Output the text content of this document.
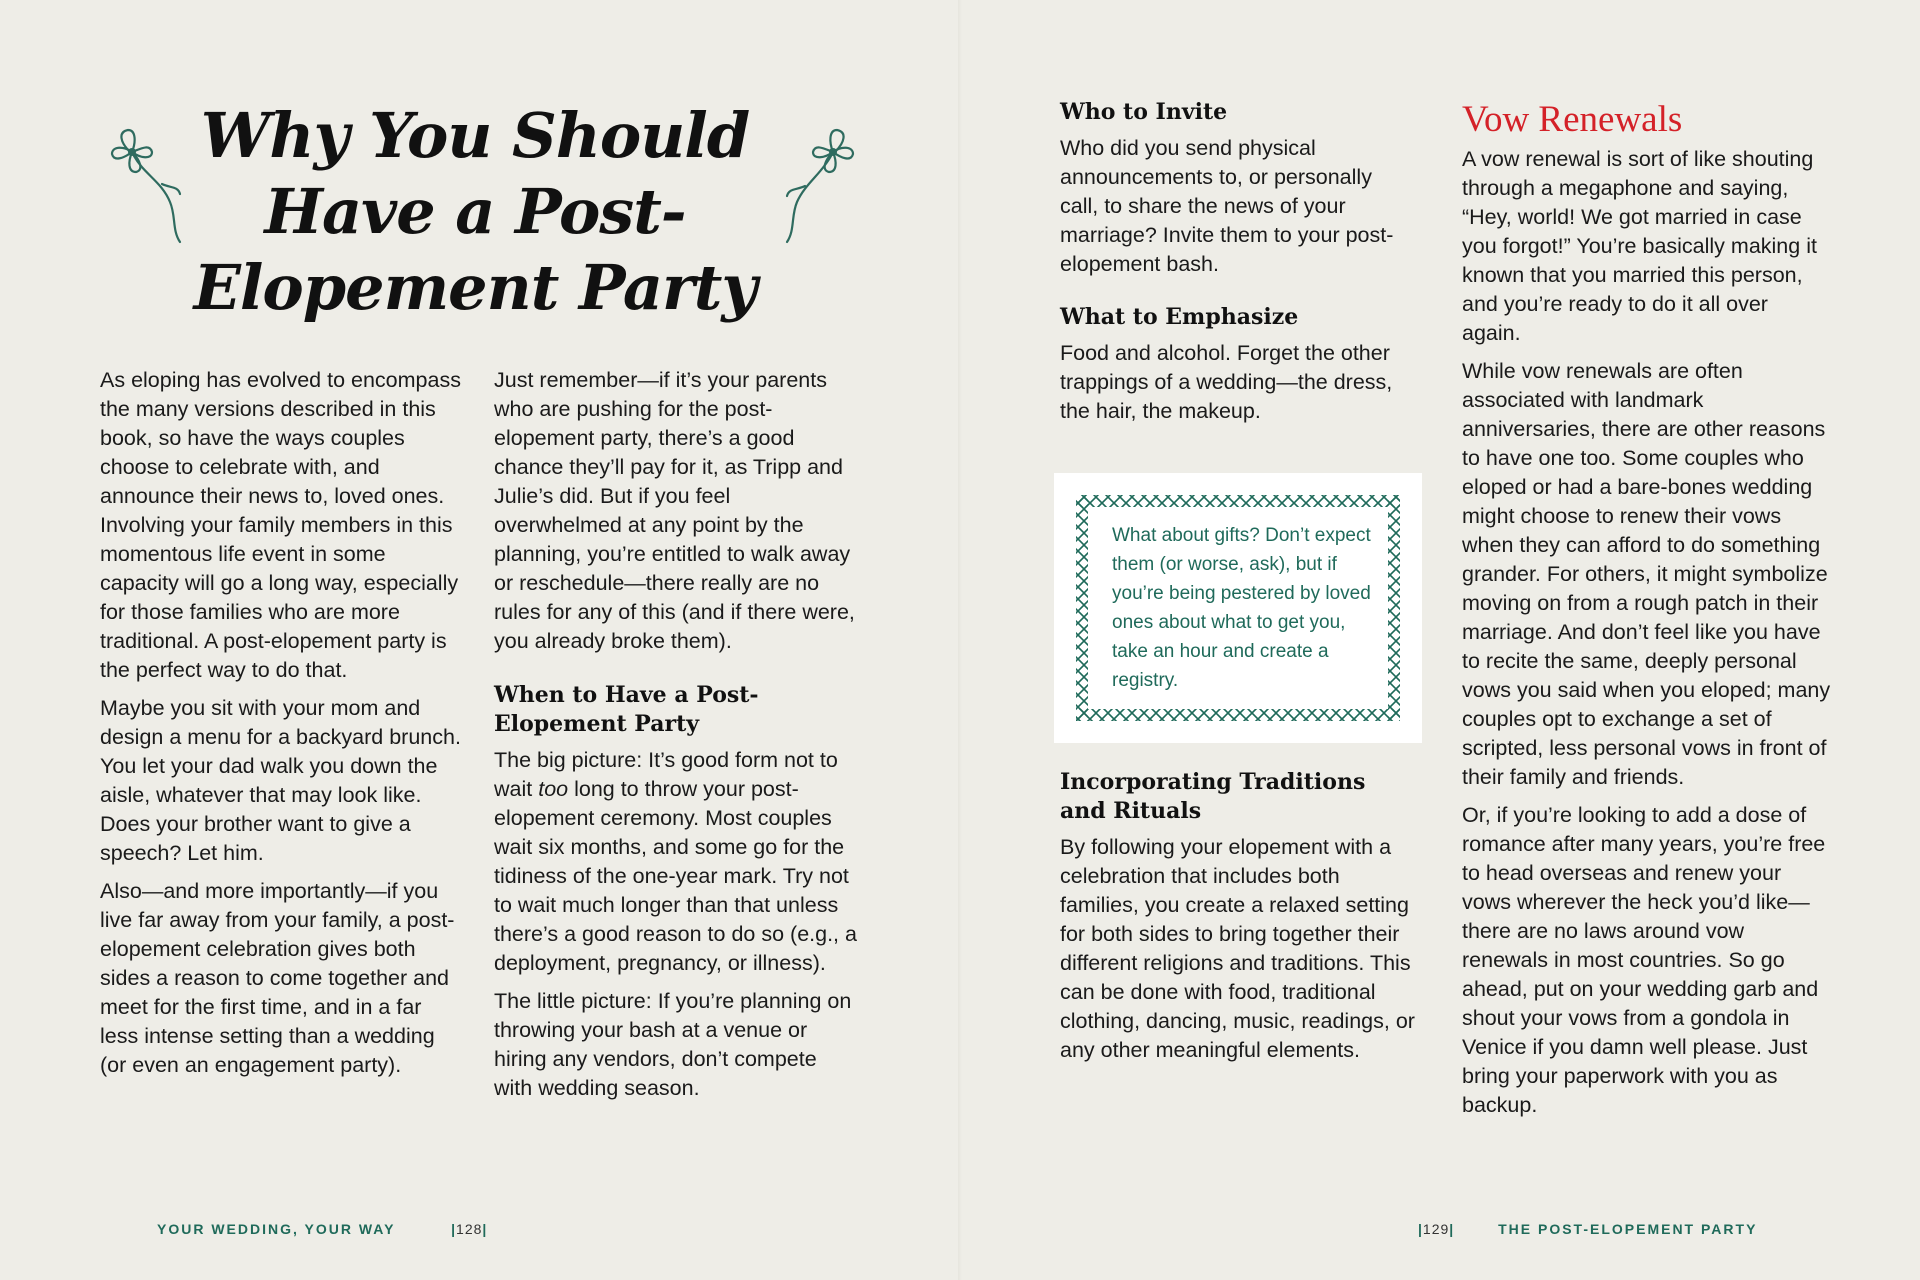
Why You Should
Have a Post-
Elopement Party

As eloping has evolved to encompass the many versions described in this book, so have the ways couples choose to celebrate with, and announce their news to, loved ones. Involving your family members in this momentous life event in some capacity will go a long way, especially for those families who are more traditional. A post-elopement party is the perfect way to do that.

Maybe you sit with your mom and design a menu for a backyard brunch. You let your dad walk you down the aisle, whatever that may look like. Does your brother want to give a speech? Let him.

Also—and more importantly—if you live far away from your family, a post-elopement celebration gives both sides a reason to come together and meet for the first time, and in a far less intense setting than a wedding (or even an engagement party).

Just remember—if it’s your parents who are pushing for the post-elopement party, there’s a good chance they’ll pay for it, as Tripp and Julie’s did. But if you feel overwhelmed at any point by the planning, you’re entitled to walk away or reschedule—there really are no rules for any of this (and if there were, you already broke them).

When to Have a Post-Elopement Party

The big picture: It’s good form not to wait too long to throw your post-elopement ceremony. Most couples wait six months, and some go for the tidiness of the one-year mark. Try not to wait much longer than that unless there’s a good reason to do so (e.g., a deployment, pregnancy, or illness).

The little picture: If you’re planning on throwing your bash at a venue or hiring any vendors, don’t compete with wedding season.

Who to Invite

Who did you send physical announcements to, or personally call, to share the news of your marriage? Invite them to your post-elopement bash.

What to Emphasize

Food and alcohol. Forget the other trappings of a wedding—the dress, the hair, the makeup.

What about gifts? Don’t expect them (or worse, ask), but if you’re being pestered by loved ones about what to get you, take an hour and create a registry.
Incorporating Traditions and Rituals

By following your elopement with a celebration that includes both families, you create a relaxed setting for both sides to bring together their different religions and traditions. This can be done with food, traditional clothing, dancing, music, readings, or any other meaningful elements.

Vow Renewals

A vow renewal is sort of like shouting through a megaphone and saying, “Hey, world! We got married in case you forgot!” You’re basically making it known that you married this person, and you’re ready to do it all over again.

While vow renewals are often associated with landmark anniversaries, there are other reasons to have one too. Some couples who eloped or had a bare-bones wedding might choose to renew their vows when they can afford to do something grander. For others, it might symbolize moving on from a rough patch in their marriage. And don’t feel like you have to recite the same, deeply personal vows you said when you eloped; many couples opt to exchange a set of scripted, less personal vows in front of their family and friends.

Or, if you’re looking to add a dose of romance after many years, you’re free to head overseas and renew your vows wherever the heck you’d like—there are no laws around vow renewals in most countries. So go ahead, put on your wedding garb and shout your vows from a gondola in Venice if you damn well please. Just bring your paperwork with you as backup.

YOUR WEDDING, YOUR WAY	|128|	|129|	THE POST-ELOPEMENT PARTY
